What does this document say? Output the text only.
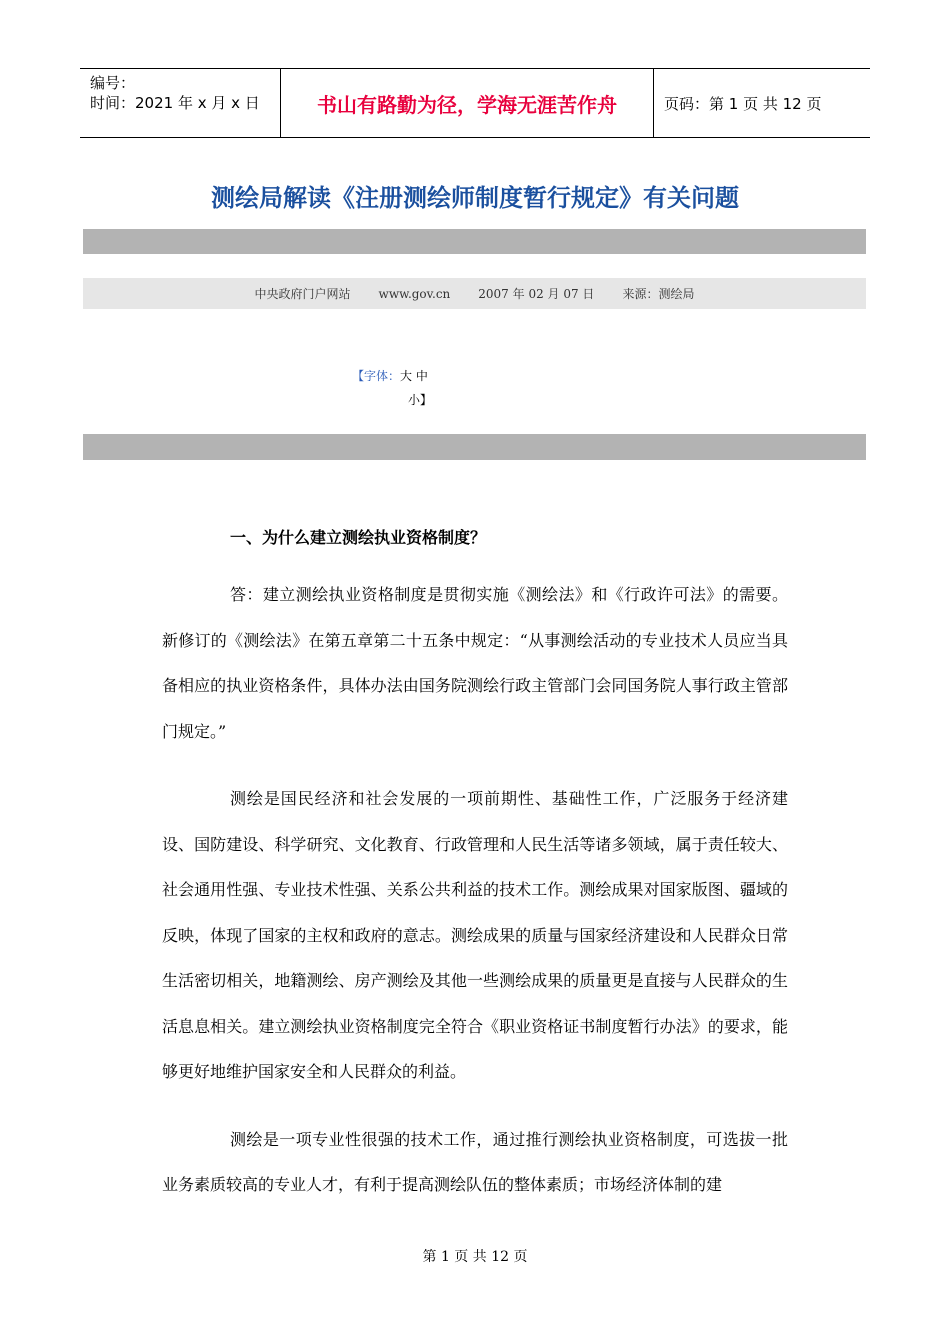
编号：
时间：2021 年 x 月 x 日	书山有路勤为径，学海无涯苦作舟	页码：第 1 页 共 12 页
测绘局解读《注册测绘师制度暂行规定》有关问题
中央政府门户网站 www.gov.cn 2007 年 02 月 07 日 来源：测绘局
【字体：大 中
小】
一、为什么建立测绘执业资格制度？

答：建立测绘执业资格制度是贯彻实施《测绘法》和《行政许可法》的需要。新修订的《测绘法》在第五章第二十五条中规定：“从事测绘活动的专业技术人员应当具备相应的执业资格条件，具体办法由国务院测绘行政主管部门会同国务院人事行政主管部门规定。”

测绘是国民经济和社会发展的一项前期性、基础性工作，广泛服务于经济建设、国防建设、科学研究、文化教育、行政管理和人民生活等诸多领域，属于责任较大、社会通用性强、专业技术性强、关系公共利益的技术工作。测绘成果对国家版图、疆域的反映，体现了国家的主权和政府的意志。测绘成果的质量与国家经济建设和人民群众日常生活密切相关，地籍测绘、房产测绘及其他一些测绘成果的质量更是直接与人民群众的生活息息相关。建立测绘执业资格制度完全符合《职业资格证书制度暂行办法》的要求，能够更好地维护国家安全和人民群众的利益。

测绘是一项专业性很强的技术工作，通过推行测绘执业资格制度，可选拔一批业务素质较高的专业人才，有利于提高测绘队伍的整体素质；市场经济体制的建

第 1 页 共 12 页
